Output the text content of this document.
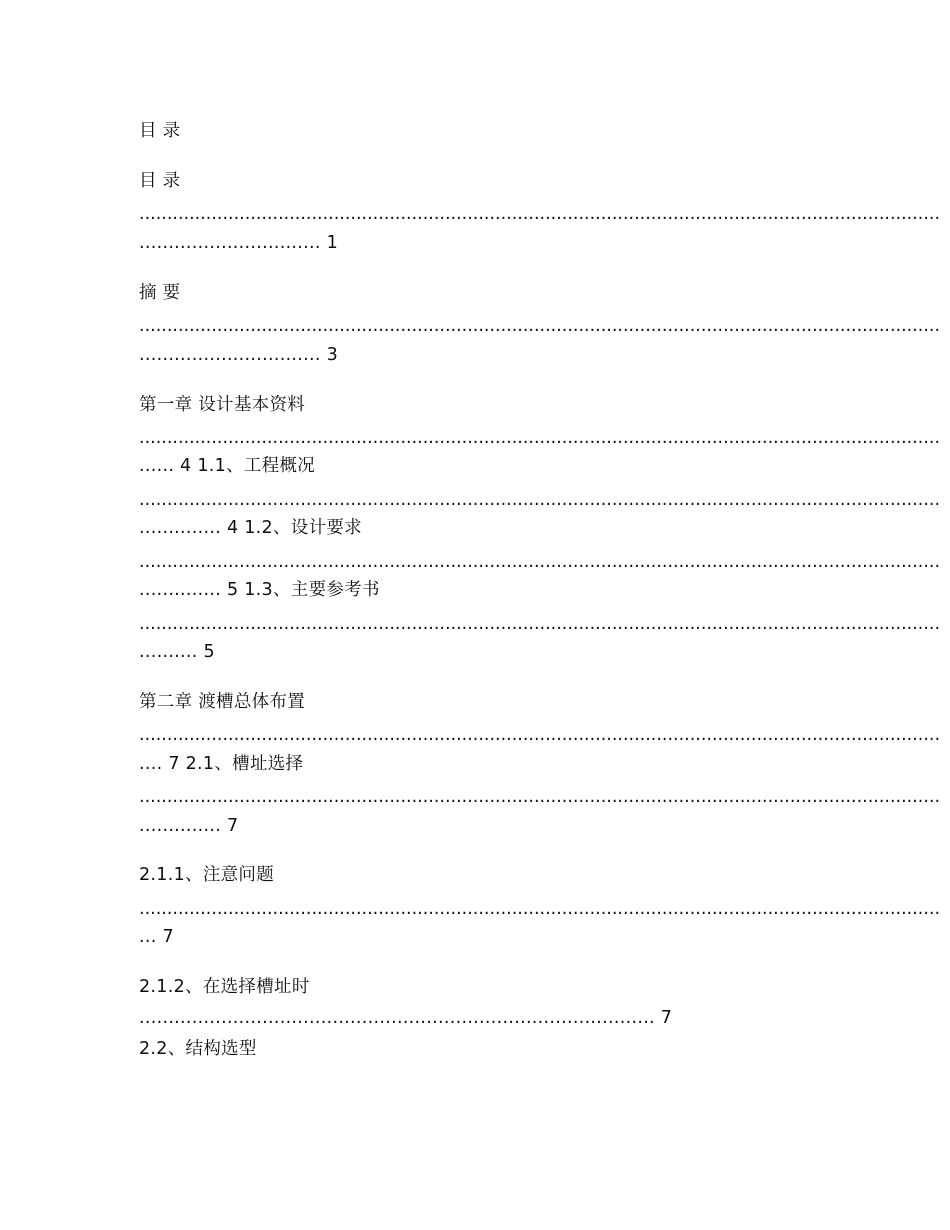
目 录
目 录
................................................................................................................................................
............................... 1
摘 要
................................................................................................................................................
............................... 3
第一章 设计基本资料
................................................................................................................................................
...... 4 1.1、工程概况
................................................................................................................................................
.............. 4 1.2、设计要求
................................................................................................................................................
.............. 5 1.3、主要参考书
................................................................................................................................................
.......... 5
第二章 渡槽总体布置
................................................................................................................................................
.... 7 2.1、槽址选择
................................................................................................................................................
.............. 7
2.1.1、注意问题
................................................................................................................................................
... 7
2.1.2、在选择槽址时
........................................................................................ 7
2.2、结构选型
